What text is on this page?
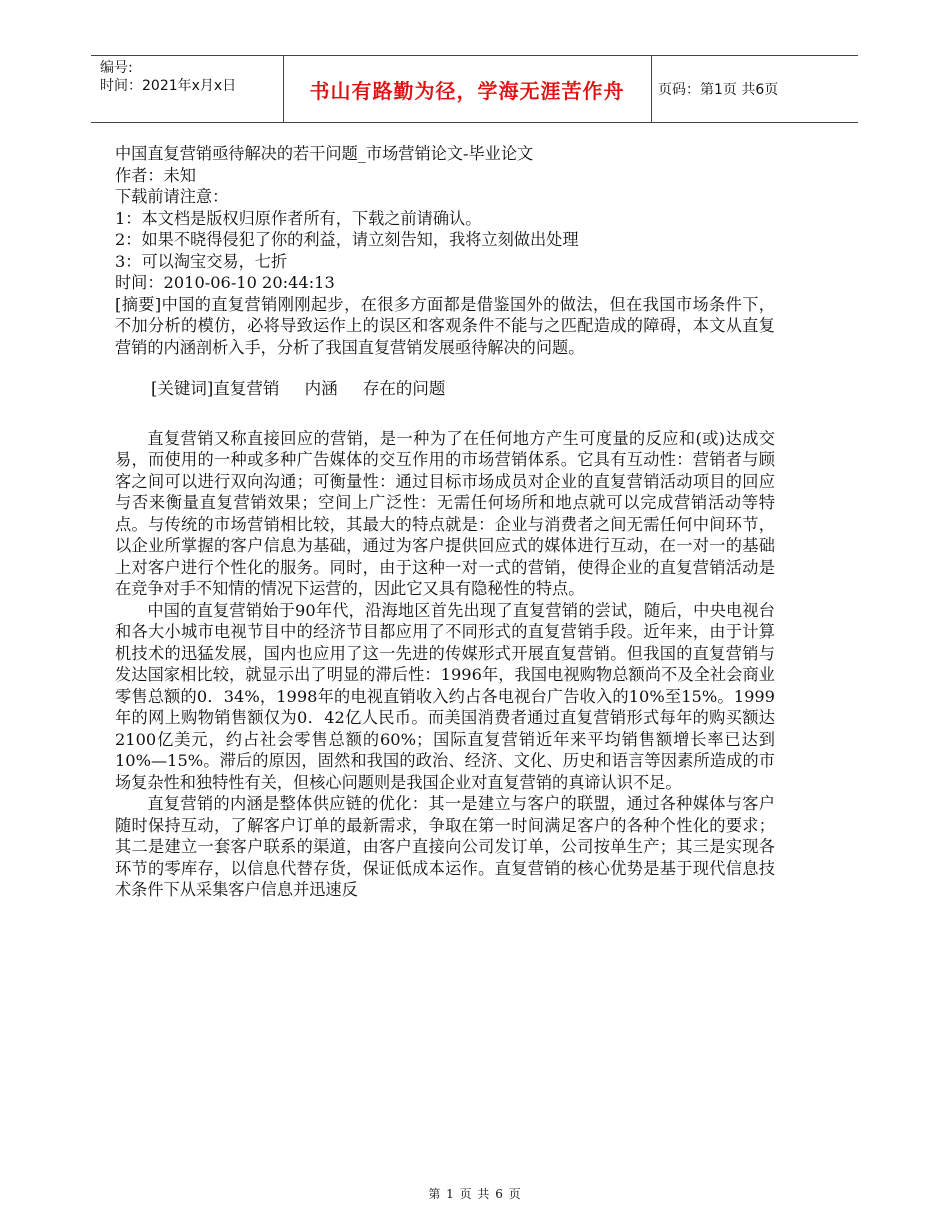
编号:
时间：2021年x月x日	书山有路勤为径，学海无涯苦作舟	页码：第1页 共6页

中国直复营销亟待解决的若干问题_市场营销论文-毕业论文

作者：未知

下载前请注意：

1：本文档是版权归原作者所有，下载之前请确认。

2：如果不晓得侵犯了你的利益，请立刻告知，我将立刻做出处理

3：可以淘宝交易，七折

时间：2010-06-10 20:44:13

[摘要]中国的直复营销刚刚起步，在很多方面都是借鉴国外的做法，但在我国市场条件下，不加分析的模仿，必将导致运作上的误区和客观条件不能与之匹配造成的障碍，本文从直复营销的内涵剖析入手，分析了我国直复营销发展亟待解决的问题。

[关键词]直复营销 内涵 存在的问题

直复营销又称直接回应的营销，是一种为了在任何地方产生可度量的反应和(或)达成交易，而使用的一种或多种广告媒体的交互作用的市场营销体系。它具有互动性：营销者与顾客之间可以进行双向沟通；可衡量性：通过目标市场成员对企业的直复营销活动项目的回应与否来衡量直复营销效果；空间上广泛性：无需任何场所和地点就可以完成营销活动等特点。与传统的市场营销相比较，其最大的特点就是：企业与消费者之间无需任何中间环节，以企业所掌握的客户信息为基础，通过为客户提供回应式的媒体进行互动，在一对一的基础上对客户进行个性化的服务。同时，由于这种一对一式的营销，使得企业的直复营销活动是在竞争对手不知情的情况下运营的，因此它又具有隐秘性的特点。

中国的直复营销始于90年代，沿海地区首先出现了直复营销的尝试，随后，中央电视台和各大小城市电视节目中的经济节目都应用了不同形式的直复营销手段。近年来，由于计算机技术的迅猛发展，国内也应用了这一先进的传媒形式开展直复营销。但我国的直复营销与发达国家相比较，就显示出了明显的滞后性：1996年，我国电视购物总额尚不及全社会商业零售总额的0．34%，1998年的电视直销收入约占各电视台广告收入的10%至15%。1999年的网上购物销售额仅为0．42亿人民币。而美国消费者通过直复营销形式每年的购买额达2100亿美元，约占社会零售总额的60%；国际直复营销近年来平均销售额增长率已达到10%—15%。滞后的原因，固然和我国的政治、经济、文化、历史和语言等因素所造成的市场复杂性和独特性有关，但核心问题则是我国企业对直复营销的真谛认识不足。

直复营销的内涵是整体供应链的优化：其一是建立与客户的联盟，通过各种媒体与客户随时保持互动，了解客户订单的最新需求，争取在第一时间满足客户的各种个性化的要求；其二是建立一套客户联系的渠道，由客户直接向公司发订单，公司按单生产；其三是实现各环节的零库存，以信息代替存货，保证低成本运作。直复营销的核心优势是基于现代信息技术条件下从采集客户信息并迅速反

第 1 页 共 6 页
